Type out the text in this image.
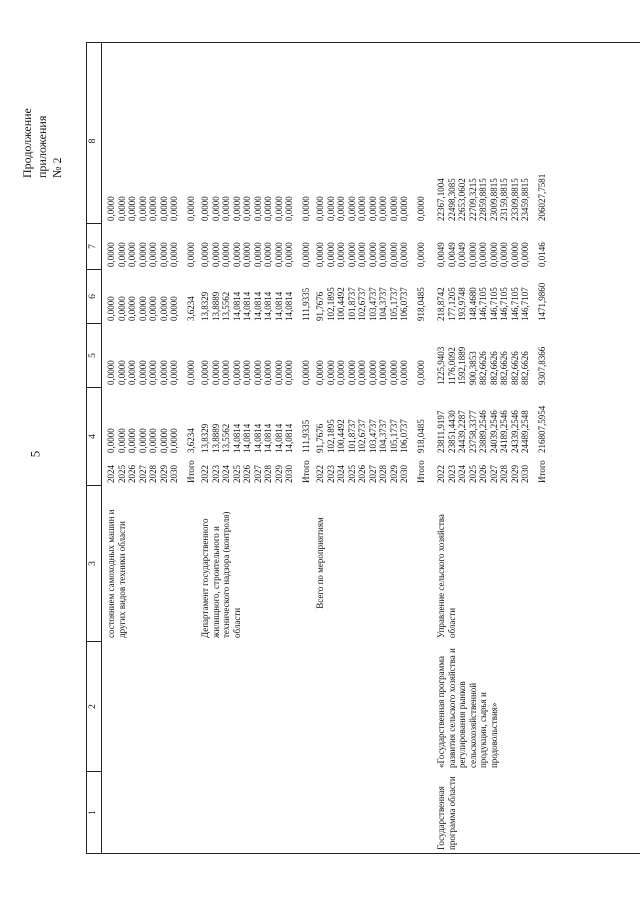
5
Продолжение приложения № 2
1
2
3
4
5
6
7
8
состоянием самоходных машин и других видов техники области
2024
0,0000
0,0000
0,0000
0,0000
0,0000
2025
0,0000
0,0000
0,0000
0,0000
0,0000
2026
0,0000
0,0000
0,0000
0,0000
0,0000
2027
0,0000
0,0000
0,0000
0,0000
0,0000
2028
0,0000
0,0000
0,0000
0,0000
0,0000
2029
0,0000
0,0000
0,0000
0,0000
0,0000
2030
0,0000
0,0000
0,0000
0,0000
0,0000
Итого
3,6234
0,0000
3,6234
0,0000
0,0000
Департамент государственного жилищного, строительного и технического надзора (контроля) области
2022
13,8329
0,0000
13,8329
0,0000
0,0000
2023
13,8889
0,0000
13,8889
0,0000
0,0000
2024
13,5562
0,0000
13,5562
0,0000
0,0000
2025
14,0814
0,0000
14,0814
0,0000
0,0000
2026
14,0814
0,0000
14,0814
0,0000
0,0000
2027
14,0814
0,0000
14,0814
0,0000
0,0000
2028
14,0814
0,0000
14,0814
0,0000
0,0000
2029
14,0814
0,0000
14,0814
0,0000
0,0000
2030
14,0814
0,0000
14,0814
0,0000
0,0000
Итого
111,9335
0,0000
111,9335
0,0000
0,0000
Всего по мероприятиям
2022
91,7676
0,0000
91,7676
0,0000
0,0000
2023
102,1895
0,0000
102,1895
0,0000
0,0000
2024
100,4492
0,0000
100,4492
0,0000
0,0000
2025
101,8737
0,0000
101,8737
0,0000
0,0000
2026
102,6737
0,0000
102,6737
0,0000
0,0000
2027
103,4737
0,0000
103,4737
0,0000
0,0000
2028
104,3737
0,0000
104,3737
0,0000
0,0000
2029
105,1737
0,0000
105,1737
0,0000
0,0000
2030
106,0737
0,0000
106,0737
0,0000
0,0000
Итого
918,0485
0,0000
918,0485
0,0000
0,0000
Государственная программа области
«Государственная программа развития сельского хозяйства и регулирования рынков сельскохозяйственной продукции, сырья и продовольствия»
Управление сельского хозяйства области
2022
23811,9197
1225,9403
218,8742
0,0049
22367,1004
2023
23851,4430
1176,0092
177,1205
0,0049
22498,3085
2024
24439,2287
1592,1889
193,9748
0,0049
22653,0602
2025
23758,3377
900,3853
148,4680
0,0000
22709,3215
2026
23889,2546
882,6626
146,7105
0,0000
22859,8815
2027
24039,2546
882,6626
146,7105
0,0000
23009,8815
2028
24189,2546
882,6626
146,7105
0,0000
23159,8815
2029
24339,2546
882,6626
146,7105
0,0000
23309,8815
2030
24489,2548
882,6626
146,7107
0,0000
23459,8815
Итого
216807,5954
9307,8366
1471,9860
0,0146
206027,7581
